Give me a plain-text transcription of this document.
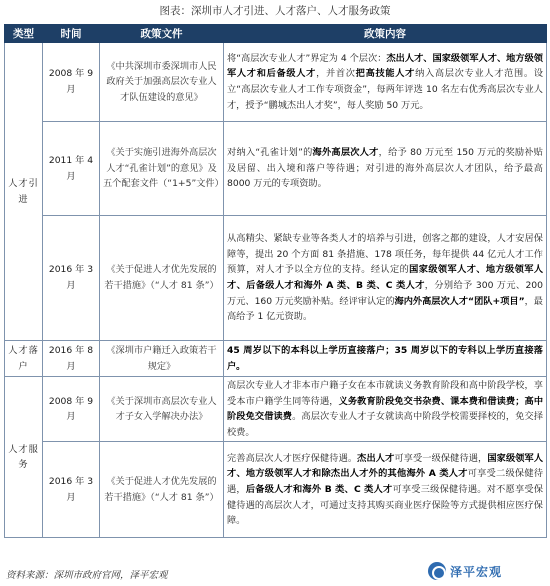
图表：深圳市人才引进、人才落户、人才服务政策
类型	时间	政策文件	政策内容
人才引进	2008 年 9月	《中共深圳市委深圳市人民政府关于加强高层次专业人才队伍建设的意见》	将“高层次专业人才”界定为 4 个层次：杰出人才、国家级领军人才、地方级领军人才和后备级人才，并首次把高技能人才纳入高层次专业人才范围。设立“高层次专业人才工作专项资金”，每两年评选 10 名左右优秀高层次专业人才，授予“鹏城杰出人才奖”，每人奖励 50 万元。
	2011 年 4月	《关于实施引进海外高层次人才“孔雀计划”的意见》及五个配套文件（“1+5”文件）	对纳入“孔雀计划”的海外高层次人才，给予 80 万元至 150 万元的奖励补贴及居留、出入境和落户等待遇；对引进的海外高层次人才团队，给予最高 8000 万元的专项资助。
	2016 年 3月	《关于促进人才优先发展的若干措施》（“人才 81 条”）	从高精尖、紧缺专业等各类人才的培养与引进，创客之都的建设，人才安居保障等，提出 20 个方面 81 条措施、178 项任务，每年提供 44 亿元人才工作预算，对人才予以全方位的支持。经认定的国家级领军人才、地方级领军人才、后备级人才和海外 A 类、B 类、C 类人才，分别给予 300 万元、200 万元、160 万元奖励补贴。经评审认定的海内外高层次人才“团队+项目”，最高给予 1 亿元资助。
人才落户	2016 年 8月	《深圳市户籍迁入政策若干规定》	45 周岁以下的本科以上学历直接落户；35 周岁以下的专科以上学历直接落户。
人才服务	2008 年 9月	《关于深圳市高层次专业人才子女入学解决办法》	高层次专业人才非本市户籍子女在本市就读义务教育阶段和高中阶段学校，享受本市户籍学生同等待遇，义务教育阶段免交书杂费、课本费和借读费；高中阶段免交借读费。高层次专业人才子女就读高中阶段学校需要择校的，免交择校费。
	2016 年 3月	《关于促进人才优先发展的若干措施》（“人才 81 条”）	完善高层次人才医疗保健待遇。杰出人才可享受一级保健待遇，国家级领军人才、地方级领军人才和除杰出人才外的其他海外 A 类人才可享受二级保健待遇，后备级人才和海外 B 类、C 类人才可享受三级保健待遇。对不愿享受保健待遇的高层次人才，可通过支持其购买商业医疗保险等方式提供相应医疗保障。
资料来源：深圳市政府官网，泽平宏观	泽平宏观
